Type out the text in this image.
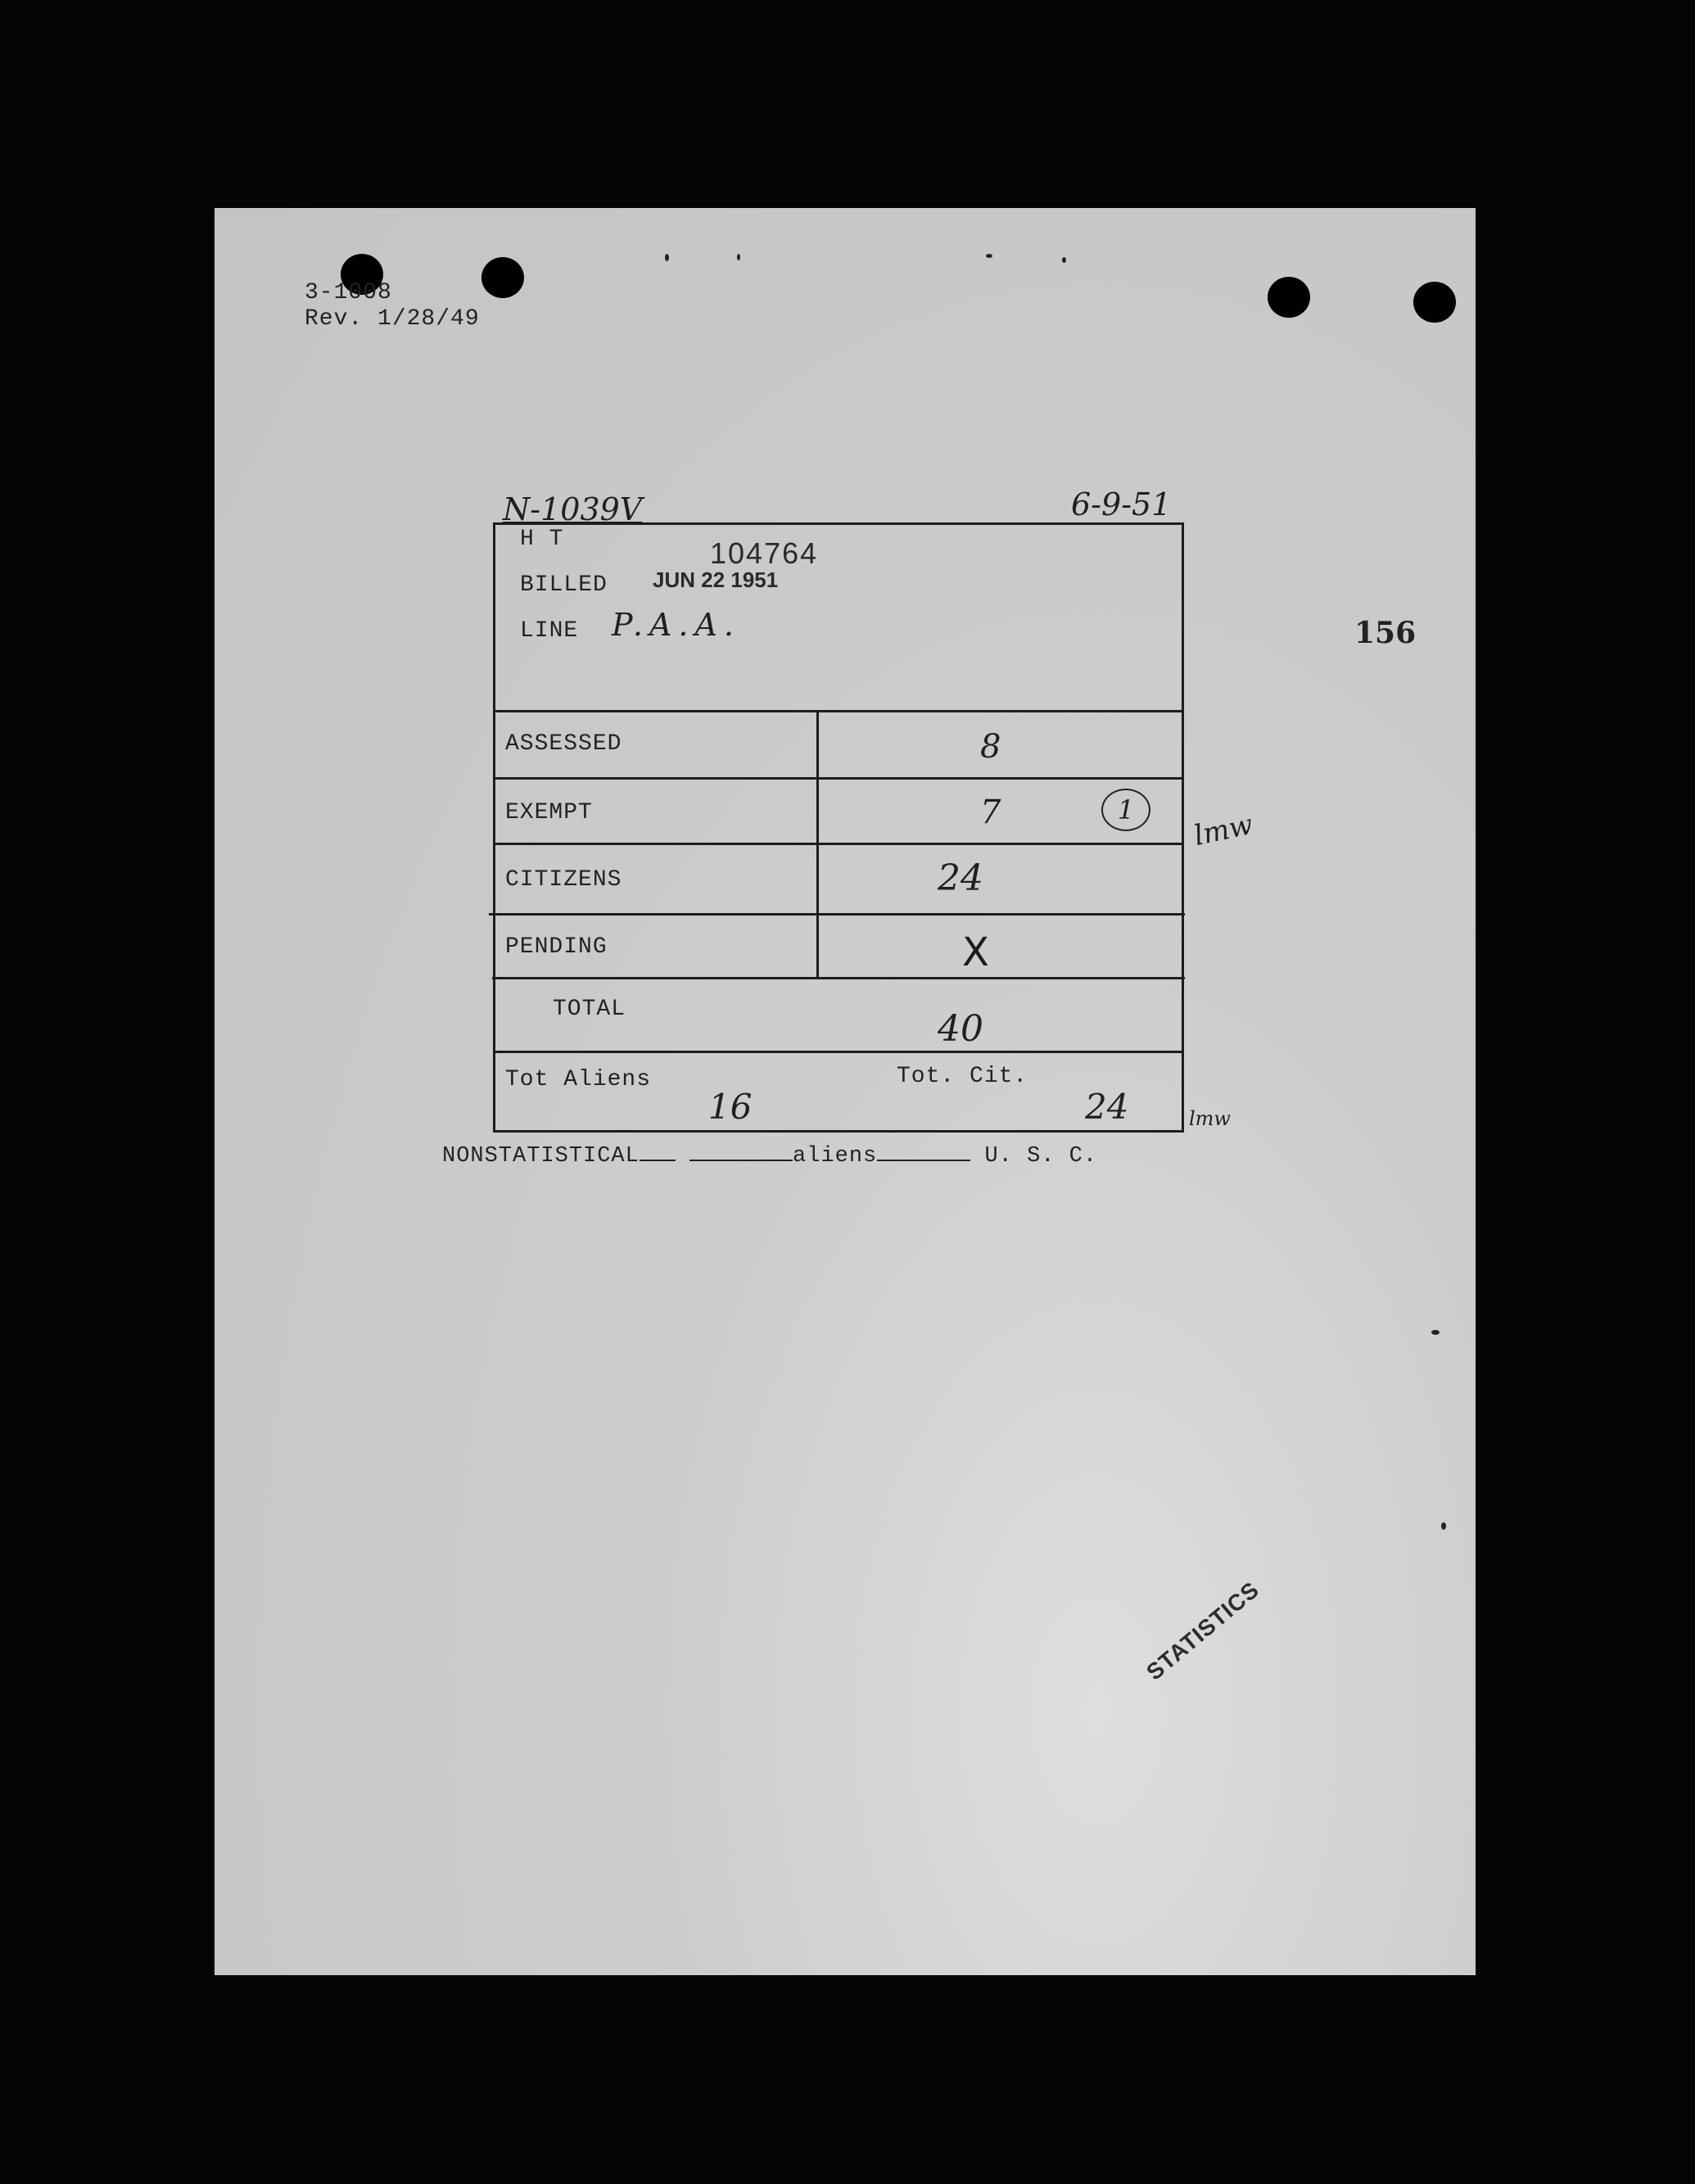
3-1008
Rev. 1/28/49
N-1039V	6-9-51
156
H T	104764
BILLED JUN 22 1951
LINE P.A.A.
ASSESSED	8
EXEMPT	7	1
CITIZENS	24
PENDING	X
TOTAL	40
Tot Aliens
16
Tot. Cit.
24
lmw
lmw
NONSTATISTICAL	aliens	U. S. C.
STATISTICS
